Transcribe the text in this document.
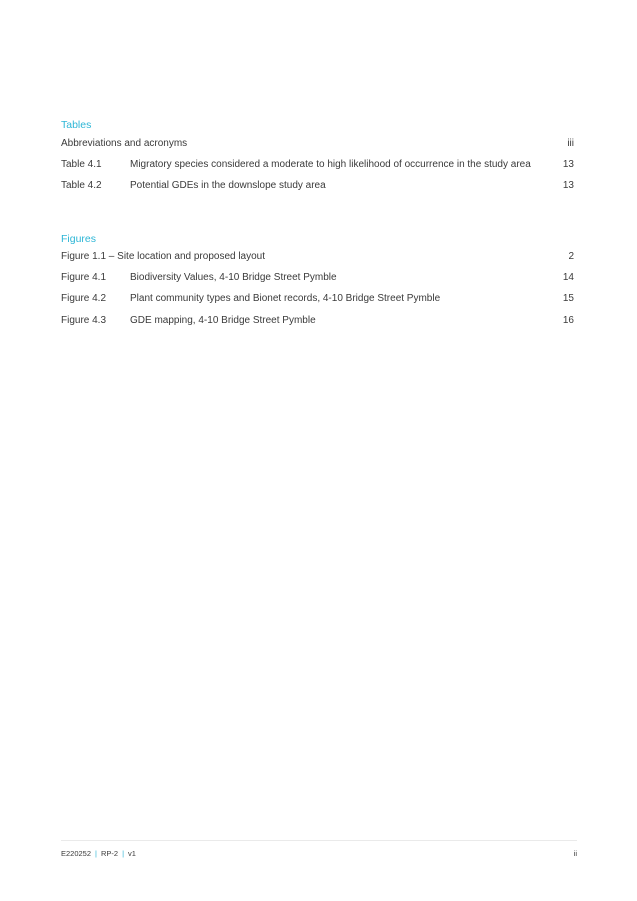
Tables
Abbreviations and acronyms	iii
Table 4.1	Migratory species considered a moderate to high likelihood of occurrence in the study area	13
Table 4.2	Potential GDEs in the downslope study area	13
Figures
Figure 1.1 – Site location and proposed layout	2
Figure 4.1 Biodiversity Values, 4-10 Bridge Street Pymble	14
Figure 4.2 Plant community types and Bionet records, 4-10 Bridge Street Pymble	15
Figure 4.3 GDE mapping, 4-10 Bridge Street Pymble	16
E220252 | RP-2 | v1	ii
